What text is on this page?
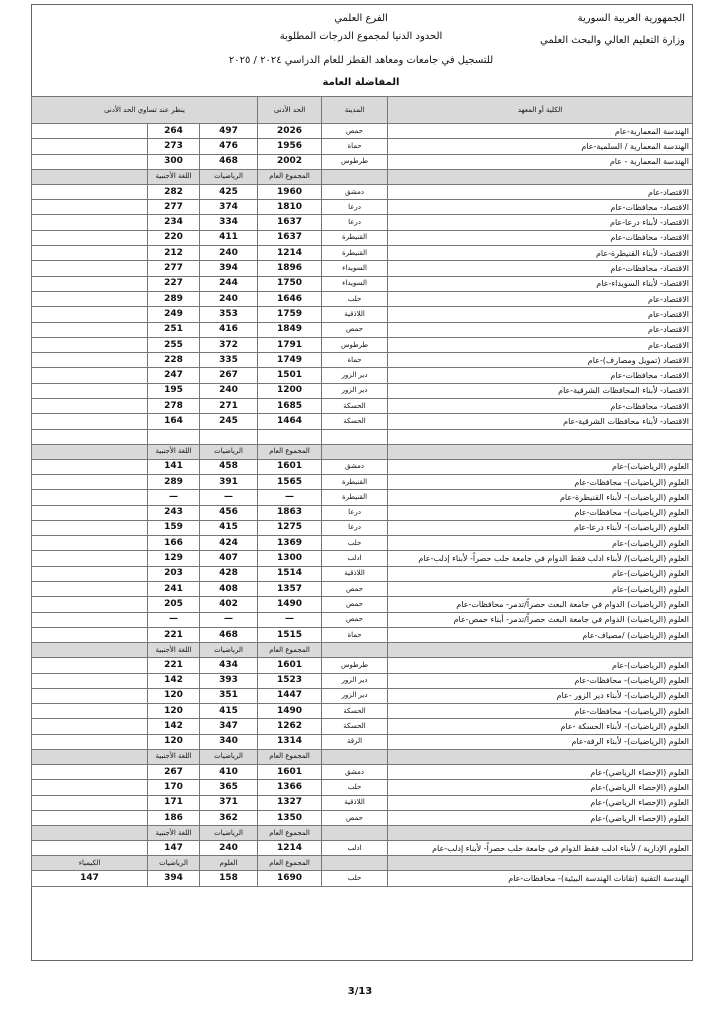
الجمهورية العربية السورية
وزارة التعليم العالي والبحث العلمي
الفرع العلمي
الحدود الدنيا لمجموع الدرجات المطلوبة
للتسجيل في جامعات ومعاهد القطر للعام الدراسي ٢٠٢٤ / ٢٠٢٥
المفاضلة العامة
الكلية أو المعهد	المدينة	الحد الأدنى	ينظر عند تساوي الحد الأدنى		
الهندسة المعمارية-عام	حمص	2026	497	264	
الهندسة المعمارية / السلمية-عام	حماة	1956	476	273	
الهندسة المعمارية - عام	طرطوس	2002	468	300	
		المجموع العام	الرياضيات	اللغة الأجنبية	
الاقتصاد-عام	دمشق	1960	425	282	
الاقتصاد- محافظات-عام	درعا	1810	374	277	
الاقتصاد- لأبناء درعا-عام	درعا	1637	334	234	
الاقتصاد- محافظات-عام	القنيطرة	1637	411	220	
الاقتصاد- لأبناء القنيطرة-عام	القنيطرة	1214	240	212	
الاقتصاد- محافظات-عام	السويداء	1896	394	277	
الاقتصاد- لأبناء السويداء-عام	السويداء	1750	244	227	
الاقتصاد-عام	حلب	1646	240	289	
الاقتصاد-عام	اللاذقية	1759	353	249	
الاقتصاد-عام	حمص	1849	416	251	
الاقتصاد-عام	طرطوس	1791	372	255	
الاقتصاد (تمويل ومصارف)-عام	حماة	1749	335	228	
الاقتصاد- محافظات-عام	دير الزور	1501	267	247	
الاقتصاد- لأبناء المحافظات الشرقية-عام	دير الزور	1200	240	195	
الاقتصاد- محافظات-عام	الحسكة	1685	271	278	
الاقتصاد- لأبناء محافظات الشرقية-عام	الحسكة	1464	245	164	

		المجموع العام	الرياضيات	اللغة الأجنبية	
العلوم (الرياضيات)-عام	دمشق	1601	458	141	
العلوم (الرياضيات)- محافظات-عام	القنيطرة	1565	391	289	
العلوم (الرياضيات)- لأبناء القنيطرة-عام	القنيطرة	—	—	—	
العلوم (الرياضيات)- محافظات-عام	درعا	1863	456	243	
العلوم (الرياضيات)- لأبناء درعا-عام	درعا	1275	415	159	
العلوم (الرياضيات)-عام	حلب	1369	424	166	
العلوم (الرياضيات)/ لأبناء ادلب فقط الدوام في جامعة حلب حصراً- لأبناء إدلب-عام	ادلب	1300	407	129	
العلوم (الرياضيات)-عام	اللاذقية	1514	428	203	
العلوم (الرياضيات)-عام	حمص	1357	408	241	
العلوم (الرياضيات) الدوام في جامعة البعث حصراً/تدمر- محافظات-عام	حمص	1490	402	205	
العلوم (الرياضيات) الدوام في جامعة البعث حصراً/تدمر- أبناء حمص-عام	حمص	—	—	—	
العلوم (الرياضيات) /مصياف-عام	حماة	1515	468	221	
		المجموع العام	الرياضيات	اللغة الأجنبية	
العلوم (الرياضيات)-عام	طرطوس	1601	434	221	
العلوم (الرياضيات)- محافظات-عام	دير الزور	1523	393	142	
العلوم (الرياضيات)- لأبناء دير الزور -عام	دير الزور	1447	351	120	
العلوم (الرياضيات)- محافظات-عام	الحسكة	1490	415	120	
العلوم (الرياضيات)- لأبناء الحسكة -عام	الحسكة	1262	347	142	
العلوم (الرياضيات)- لأبناء الرقة-عام	الرقة	1314	340	120	
		المجموع العام	الرياضيات	اللغة الأجنبية	
العلوم (الإحصاء الرياضي)-عام	دمشق	1601	410	267	
العلوم (الإحصاء الرياضي)-عام	حلب	1366	365	170	
العلوم (الإحصاء الرياضي)-عام	اللاذقية	1327	371	171	
العلوم (الإحصاء الرياضي)-عام	حمص	1350	362	186	
		المجموع العام	الرياضيات	اللغة الأجنبية	
العلوم الإدارية / لأبناء ادلب فقط الدوام في جامعة حلب حصراً- لأبناء إدلب-عام	ادلب	1214	240	147	
		المجموع العام	العلوم	الرياضيات	الكيمياء
الهندسة التقنية (تقانات الهندسة البيئية)- محافظات-عام	حلب	1690	158	394	147
3/13
